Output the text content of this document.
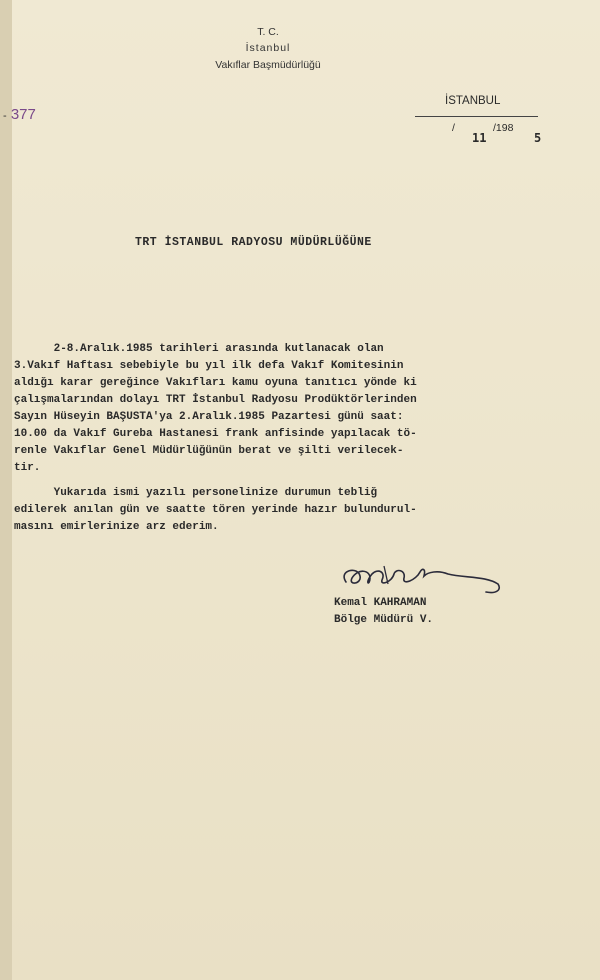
T. C.
İstanbul
Vakıflar Başmüdürlüğü
- 377
İSTANBUL
/
11
/198
5
TRT İSTANBUL RADYOSU MÜDÜRLÜĞÜNE
2-8.Aralık.1985 tarihleri arasında kutlanacak olan
3.Vakıf Haftası sebebiyle bu yıl ilk defa Vakıf Komitesinin
aldığı karar gereğince Vakıfları kamu oyuna tanıtıcı yönde ki
çalışmalarından dolayı TRT İstanbul Radyosu Prodüktörlerinden
Sayın Hüseyin BAŞUSTA'ya 2.Aralık.1985 Pazartesi günü saat:
10.00 da Vakıf Gureba Hastanesi frank anfisinde yapılacak tö-
renle Vakıflar Genel Müdürlüğünün berat ve şilti verilecek-
tir.
Yukarıda ismi yazılı personelinize durumun tebliğ
edilerek anılan gün ve saatte tören yerinde hazır bulundurul-
masını emirlerinize arz ederim.
Kemal KAHRAMAN
Bölge Müdürü V.
